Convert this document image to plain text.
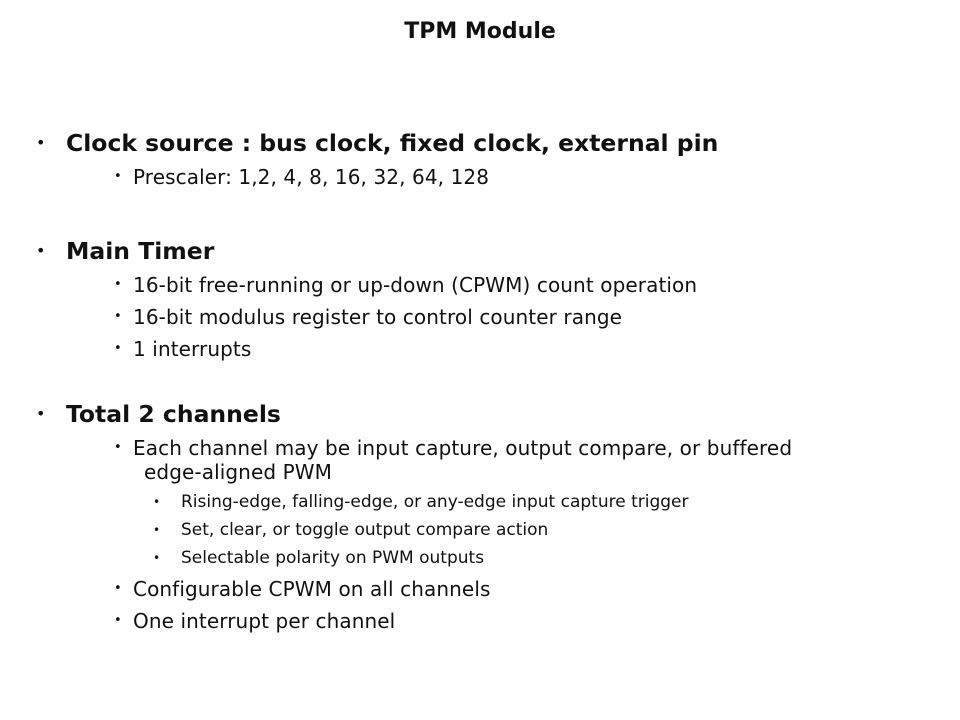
TPM Module
• Clock source : bus clock, fixed clock, external pin
• Prescaler: 1,2, 4, 8, 16, 32, 64, 128
• Main Timer
• 16-bit free-running or up-down (CPWM) count operation
• 16-bit modulus register to control counter range
• 1 interrupts
• Total 2 channels
• Each channel may be input capture, output compare, or buffered
edge-aligned PWM
• Rising-edge, falling-edge, or any-edge input capture trigger
• Set, clear, or toggle output compare action
• Selectable polarity on PWM outputs
• Configurable CPWM on all channels
• One interrupt per channel
